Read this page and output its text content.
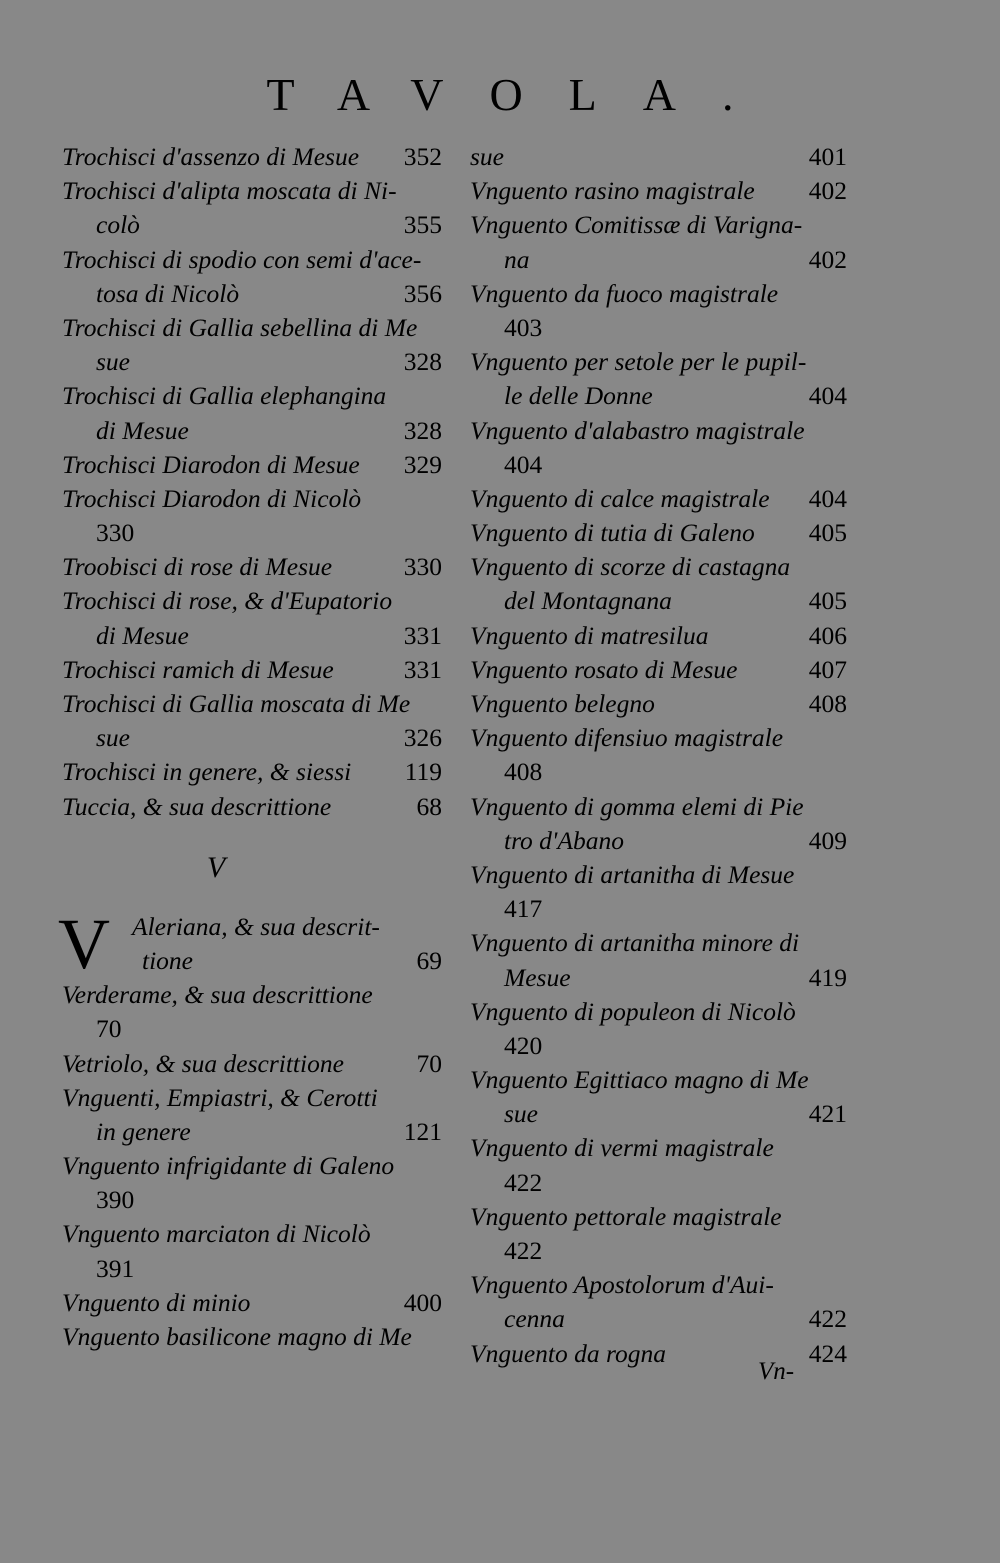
TAVOLA.
Trochisci d'assenzo di Mesue 352
Trochisci d'alipta moscata di Ni-
colò	355
Trochisci di spodio con semi d'ace-
tosa di Nicolò	356
Trochisci di Gallia sebellina di Me
sue	328
Trochisci di Gallia elephangina
di Mesue	328
Trochisci Diarodon di Mesue 329
Trochisci Diarodon di Nicolò
330
Troobisci di rose di Mesue	330
Trochisci di rose, & d'Eupatorio
di Mesue	331
Trochisci ramich di Mesue	331
Trochisci di Gallia moscata di Me
sue	326
Trochisci in genere, & siessi 119
Tuccia, & sua descrittione	68
V
V Aleriana, & sua descrit-
tione	69
Verderame, & sua descrittione
70
Vetriolo, & sua descrittione	70
Vnguenti, Empiastri, & Cerotti
in genere	121
Vnguento infrigidante di Galeno
390
Vnguento marciaton di Nicolò
391
Vnguento di minio	400
Vnguento basilicone magno di Me
sue	401
Vnguento rasino magistrale 402
Vnguento Comitissæ di Varigna-
na	402
Vnguento da fuoco magistrale
403
Vnguento per setole per le pupil-
le delle Donne	404
Vnguento d'alabastro magistrale
404
Vnguento di calce magistrale 404
Vnguento di tutia di Galeno 405
Vnguento di scorze di castagna
del Montagnana	405
Vnguento di matresilua	406
Vnguento rosato di Mesue	407
Vnguento belegno	408
Vnguento difensiuo magistrale
408
Vnguento di gomma elemi di Pie
tro d'Abano	409
Vnguento di artanitha di Mesue
417
Vnguento di artanitha minore di
Mesue	419
Vnguento di populeon di Nicolò
420
Vnguento Egittiaco magno di Me
sue	421
Vnguento di vermi magistrale
422
Vnguento pettorale magistrale
422
Vnguento Apostolorum d'Aui-
cenna	422
Vnguento da rogna	424
Vn-
